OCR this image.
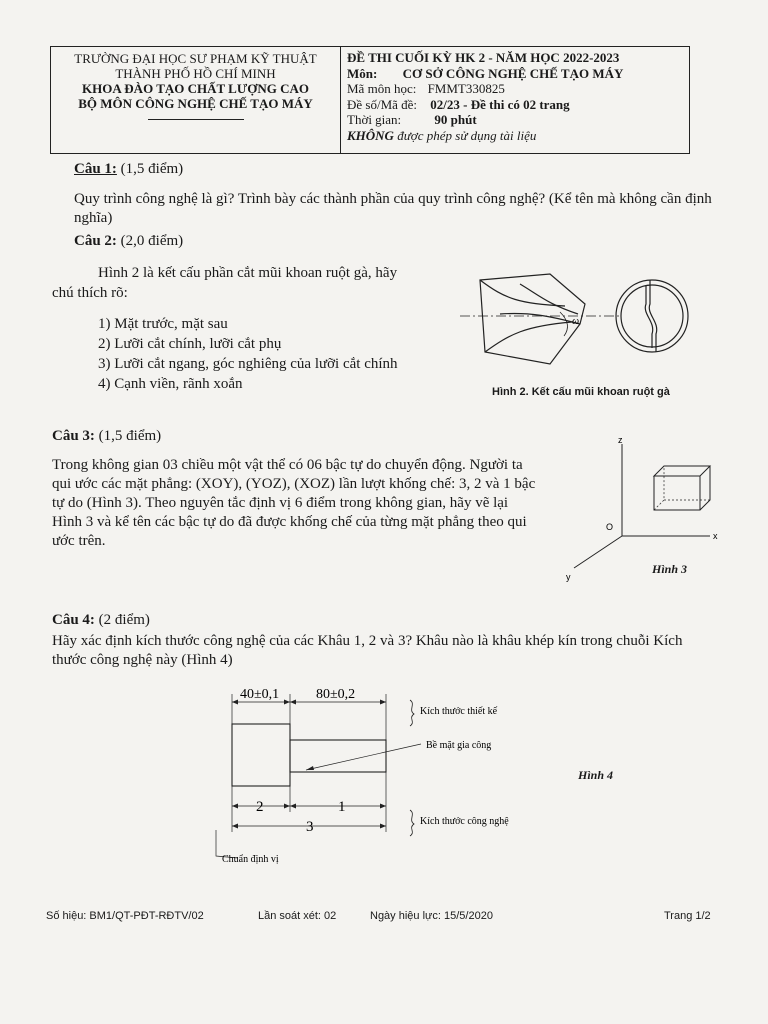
TRƯỜNG ĐẠI HỌC SƯ PHẠM KỸ THUẬT
THÀNH PHỐ HỒ CHÍ MINH
KHOA ĐÀO TẠO CHẤT LƯỢNG CAO
BỘ MÔN CÔNG NGHỆ CHẾ TẠO MÁY
ĐỀ THI CUỐI KỲ HK 2 - NĂM HỌC 2022-2023
Môn: CƠ SỞ CÔNG NGHỆ CHẾ TẠO MÁY
Mã môn học: FMMT330825
Đề số/Mã đề: 02/23 - Đề thi có 02 trang
Thời gian:	90 phút
KHÔNG được phép sử dụng tài liệu
Câu 1: (1,5 điểm)
Quy trình công nghệ là gì? Trình bày các thành phần của quy trình công nghệ? (Kể tên mà không cần định nghĩa)
Câu 2: (2,0 điểm)
Hình 2 là kết cấu phần cắt mũi khoan ruột gà, hãy
chú thích rõ:
1) Mặt trước, mặt sau
2) Lưỡi cắt chính, lưỡi cắt phụ
3) Lưỡi cắt ngang, góc nghiêng của lưỡi cắt chính
4) Cạnh viền, rãnh xoắn
ω
Hình 2. Kết cấu mũi khoan ruột gà
Câu 3: (1,5 điểm)
Trong không gian 03 chiều một vật thể có 06 bậc tự do chuyển động. Người ta qui ước các mặt phẳng: (XOY), (YOZ), (XOZ) lần lượt khống chế: 3, 2 và 1 bậc tự do (Hình 3). Theo nguyên tắc định vị 6 điểm trong không gian, hãy vẽ lại Hình 3 và kể tên các bậc tự do đã được khống chế của từng mặt phẳng theo qui ước trên.
z
x
y
O
Hình 3
Câu 4: (2 điểm)
Hãy xác định kích thước công nghệ của các Khâu 1, 2 và 3? Khâu nào là khâu khép kín trong chuỗi Kích thước công nghệ này (Hình 4)
40±0,1	80±0,2
2	1
3
Kích thước thiết kế
Bề mặt gia công
Kích thước công nghệ
Chuẩn định vị
Hình 4
Số hiệu: BM1/QT-PĐT-RĐTV/02	Lần soát xét: 02	Ngày hiệu lực: 15/5/2020	Trang 1/2
